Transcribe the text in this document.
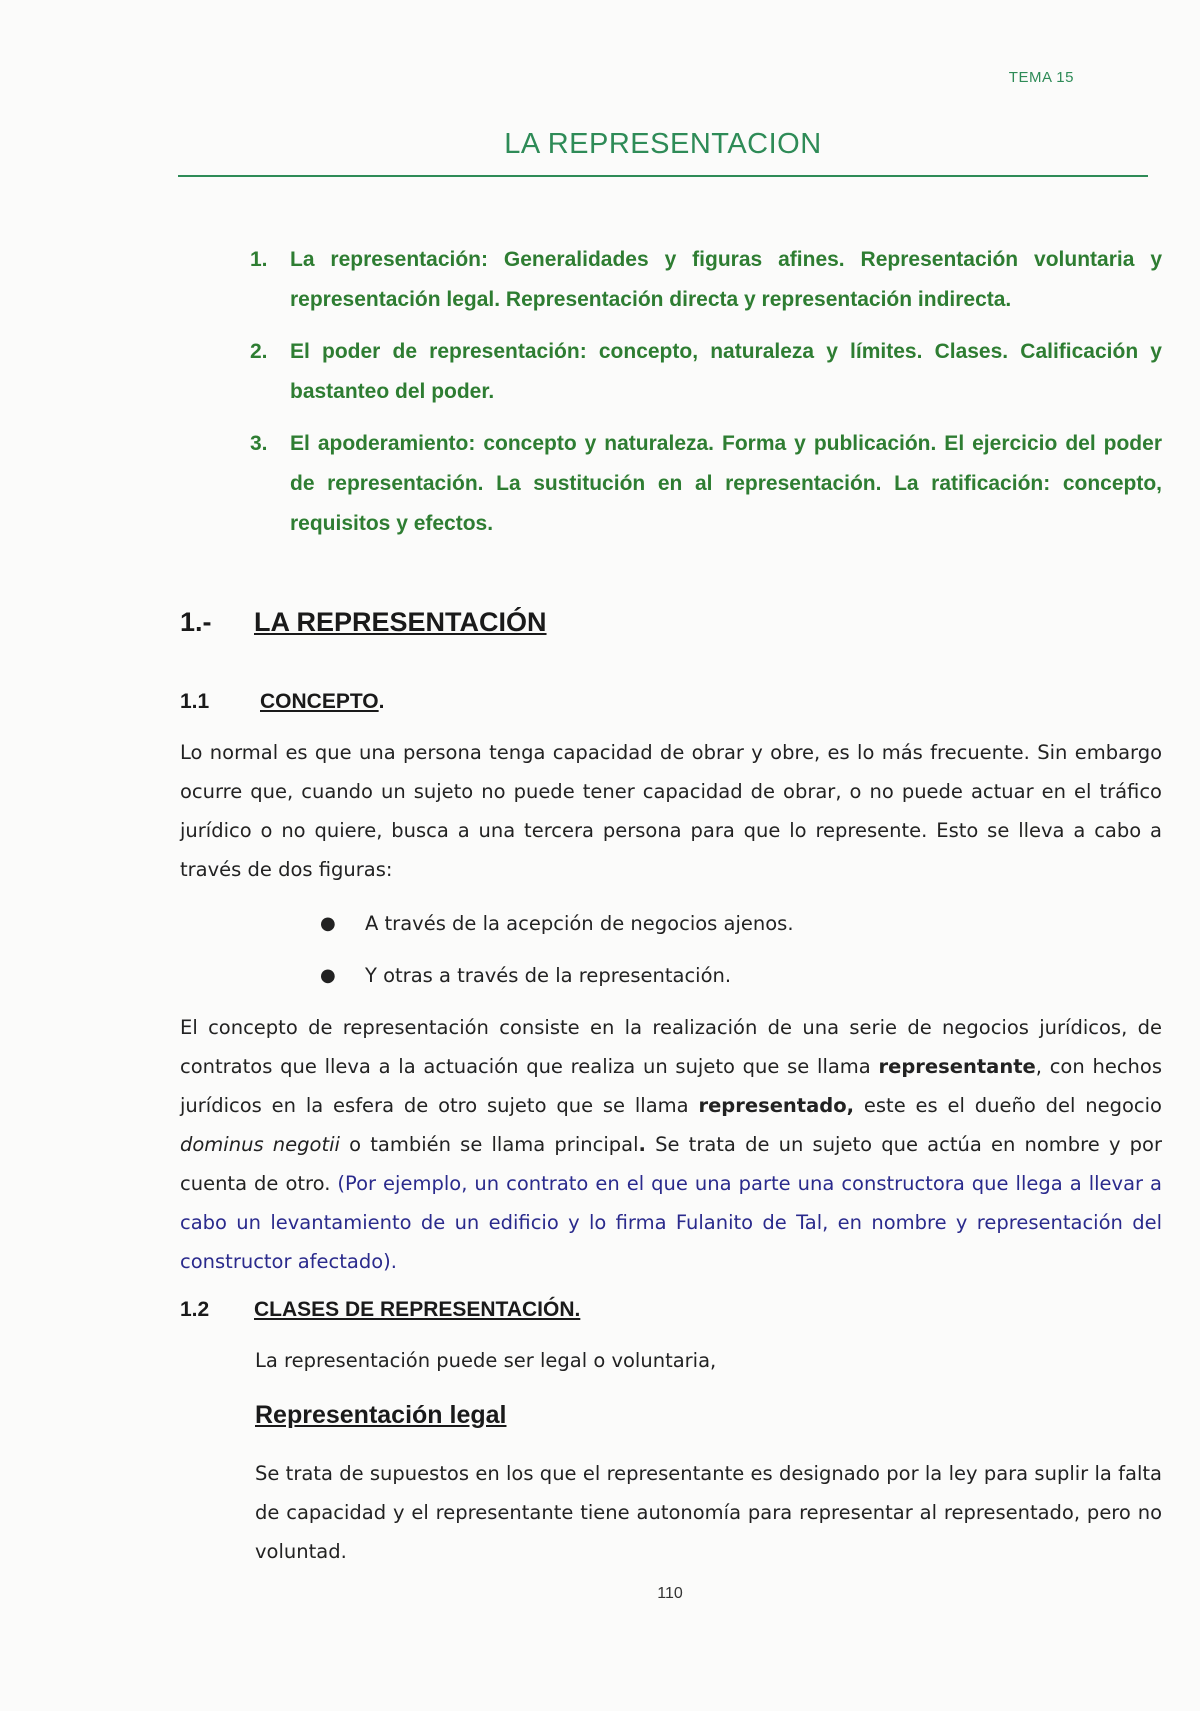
TEMA 15
LA REPRESENTACION
1.	La representación: Generalidades y figuras afines. Representación voluntaria y representación legal. Representación directa y representación indirecta.
2.	El poder de representación: concepto, naturaleza y límites. Clases. Calificación y bastanteo del poder.
3.	El apoderamiento: concepto y naturaleza. Forma y publicación. El ejercicio del poder de representación. La sustitución en al representación. La ratificación: concepto, requisitos y efectos.
1.-	LA REPRESENTACIÓN
1.1	CONCEPTO.
Lo normal es que una persona tenga capacidad de obrar y obre, es lo más frecuente. Sin embargo ocurre que, cuando un sujeto no puede tener capacidad de obrar, o no puede actuar en el tráfico jurídico o no quiere, busca a una tercera persona para que lo represente. Esto se lleva a cabo a través de dos figuras:
●	A través de la acepción de negocios ajenos.
●	Y otras a través de la representación.
El concepto de representación consiste en la realización de una serie de negocios jurídicos, de contratos que lleva a la actuación que realiza un sujeto que se llama representante, con hechos jurídicos en la esfera de otro sujeto que se llama representado, este es el dueño del negocio dominus negotii o también se llama principal. Se trata de un sujeto que actúa en nombre y por cuenta de otro. (Por ejemplo, un contrato en el que una parte una constructora que llega a llevar a cabo un levantamiento de un edificio y lo firma Fulanito de Tal, en nombre y representación del constructor afectado).
1.2	CLASES DE REPRESENTACIÓN.
La representación puede ser legal o voluntaria,
Representación legal
Se trata de supuestos en los que el representante es designado por la ley para suplir la falta de capacidad y el representante tiene autonomía para representar al representado, pero no voluntad.
110
